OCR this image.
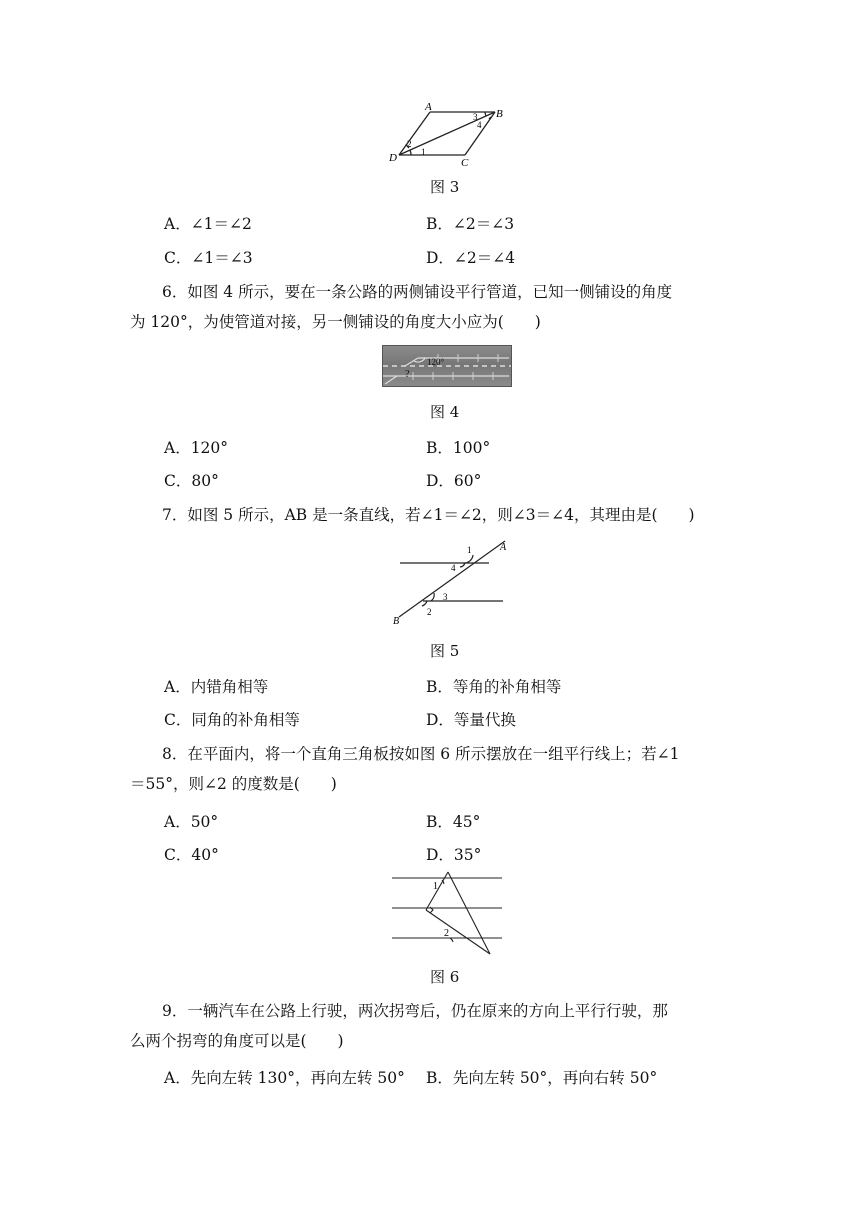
A
B
C
D	1
2
3
4
图 3
A．∠1＝∠2	B．∠2＝∠3
C．∠1＝∠3	D．∠2＝∠4
6．如图 4 所示，要在一条公路的两侧铺设平行管道，已知一侧铺设的角度
为 120°，为使管道对接，另一侧铺设的角度大小应为(　　)
120°
?
图 4
A．120°	B．100°
C．80°	D．60°
7．如图 5 所示，AB 是一条直线，若∠1＝∠2，则∠3＝∠4，其理由是(　　)
A
B
1
4
3
2
图 5
A．内错角相等	B．等角的补角相等
C．同角的补角相等	D．等量代换
8．在平面内，将一个直角三角板按如图 6 所示摆放在一组平行线上；若∠1
＝55°，则∠2 的度数是(　　)
A．50°	B．45°
C．40°	D．35°
1
2
图 6
9．一辆汽车在公路上行驶，两次拐弯后，仍在原来的方向上平行行驶，那
么两个拐弯的角度可以是(　　)
A．先向左转 130°，再向左转 50° B．先向左转 50°，再向右转 50°
